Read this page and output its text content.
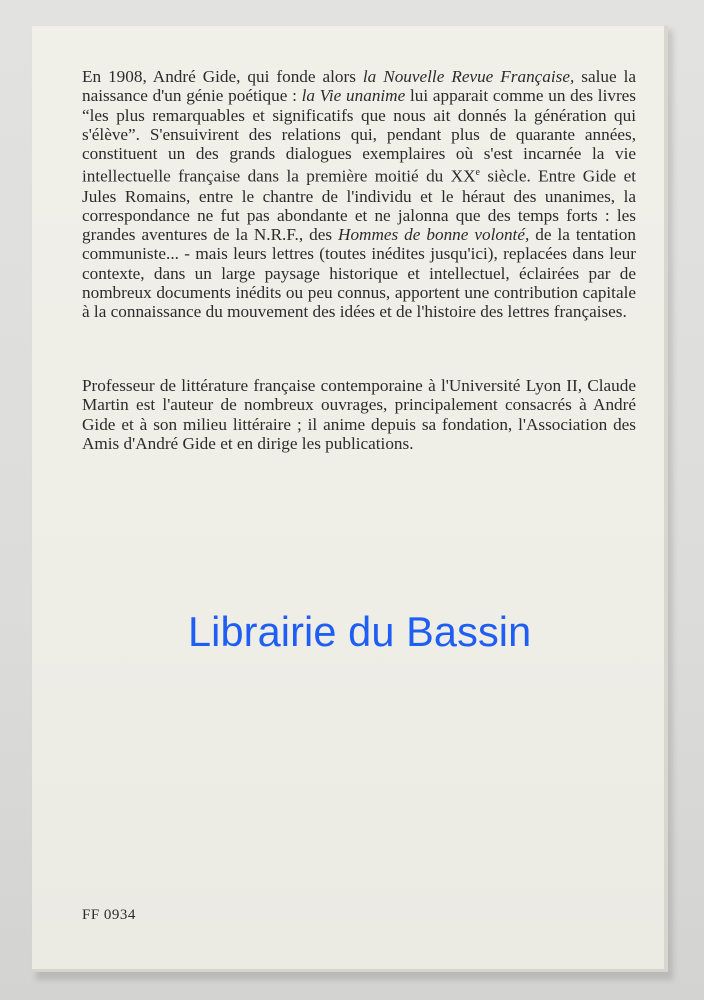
En 1908, André Gide, qui fonde alors la Nouvelle Revue Française, salue la naissance d'un génie poétique : la Vie unanime lui apparait comme un des livres “les plus remarquables et significatifs que nous ait donnés la génération qui s'élève”. S'ensuivirent des relations qui, pendant plus de quarante années, constituent un des grands dialogues exemplaires où s'est incarnée la vie intellectuelle française dans la première moitié du XXe siècle. Entre Gide et Jules Romains, entre le chantre de l'individu et le héraut des unanimes, la correspondance ne fut pas abondante et ne jalonna que des temps forts : les grandes aventures de la N.R.F., des Hommes de bonne volonté, de la tentation communiste... - mais leurs lettres (toutes inédites jusqu'ici), replacées dans leur contexte, dans un large paysage historique et intellectuel, éclairées par de nombreux documents inédits ou peu connus, apportent une contribution capitale à la connaissance du mouvement des idées et de l'histoire des lettres françaises.
Professeur de littérature française contemporaine à l'Université Lyon II, Claude Martin est l'auteur de nombreux ouvrages, principalement consacrés à André Gide et à son milieu littéraire ; il anime depuis sa fondation, l'Association des Amis d'André Gide et en dirige les publications.
FF 0934
Librairie du Bassin
